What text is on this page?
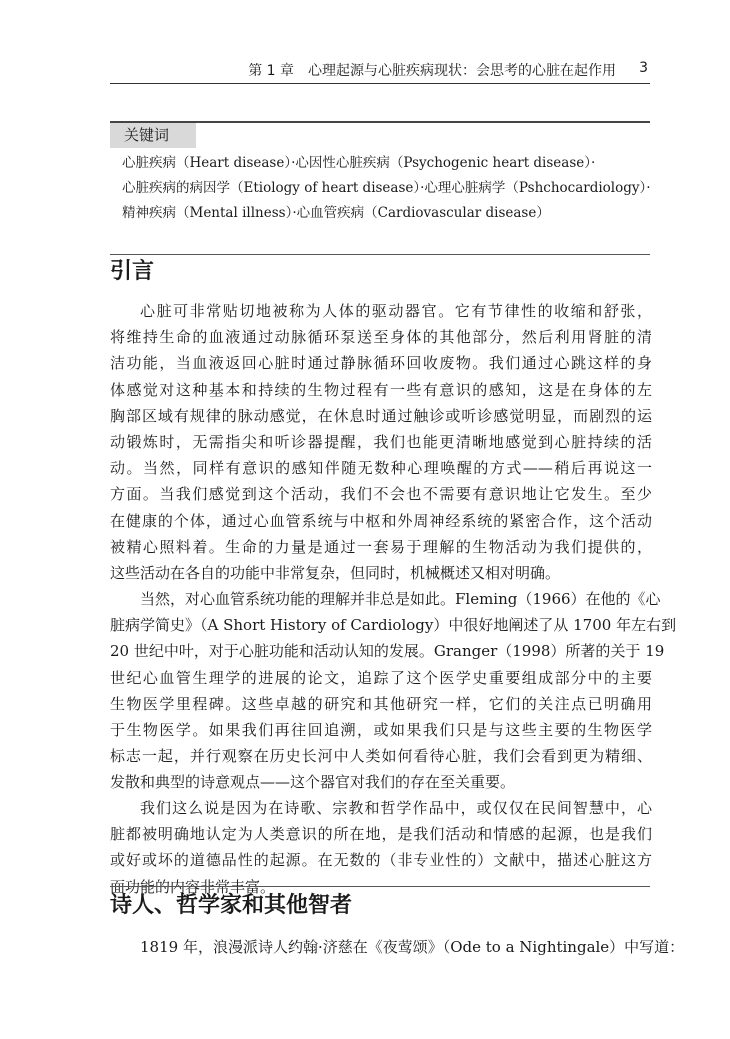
第 1 章　心理起源与心脏疾病现状：会思考的心脏在起作用 3
关键词
心脏疾病（Heart disease）·心因性心脏疾病（Psychogenic heart disease）·
心脏疾病的病因学（Etiology of heart disease）·心理心脏病学（Pshchocardiology）·
精神疾病（Mental illness）·心血管疾病（Cardiovascular disease）
引言
心脏可非常贴切地被称为人体的驱动器官。它有节律性的收缩和舒张，
将维持生命的血液通过动脉循环泵送至身体的其他部分，然后利用肾脏的清
洁功能，当血液返回心脏时通过静脉循环回收废物。我们通过心跳这样的身
体感觉对这种基本和持续的生物过程有一些有意识的感知，这是在身体的左
胸部区域有规律的脉动感觉，在休息时通过触诊或听诊感觉明显，而剧烈的运
动锻炼时，无需指尖和听诊器提醒，我们也能更清晰地感觉到心脏持续的活
动。当然，同样有意识的感知伴随无数种心理唤醒的方式——稍后再说这一
方面。当我们感觉到这个活动，我们不会也不需要有意识地让它发生。至少
在健康的个体，通过心血管系统与中枢和外周神经系统的紧密合作，这个活动
被精心照料着。生命的力量是通过一套易于理解的生物活动为我们提供的，
这些活动在各自的功能中非常复杂，但同时，机械概述又相对明确。
当然，对心血管系统功能的理解并非总是如此。Fleming（1966）在他的《心
脏病学简史》（A Short History of Cardiology）中很好地阐述了从 1700 年左右到
20 世纪中叶，对于心脏功能和活动认知的发展。Granger（1998）所著的关于 19
世纪心血管生理学的进展的论文，追踪了这个医学史重要组成部分中的主要
生物医学里程碑。这些卓越的研究和其他研究一样，它们的关注点已明确用
于生物医学。如果我们再往回追溯，或如果我们只是与这些主要的生物医学
标志一起，并行观察在历史长河中人类如何看待心脏，我们会看到更为精细、
发散和典型的诗意观点——这个器官对我们的存在至关重要。
我们这么说是因为在诗歌、宗教和哲学作品中，或仅仅在民间智慧中，心
脏都被明确地认定为人类意识的所在地，是我们活动和情感的起源，也是我们
或好或坏的道德品性的起源。在无数的（非专业性的）文献中，描述心脏这方
面功能的内容非常丰富。
诗人、哲学家和其他智者
1819 年，浪漫派诗人约翰·济慈在《夜莺颂》（Ode to a Nightingale）中写道：
